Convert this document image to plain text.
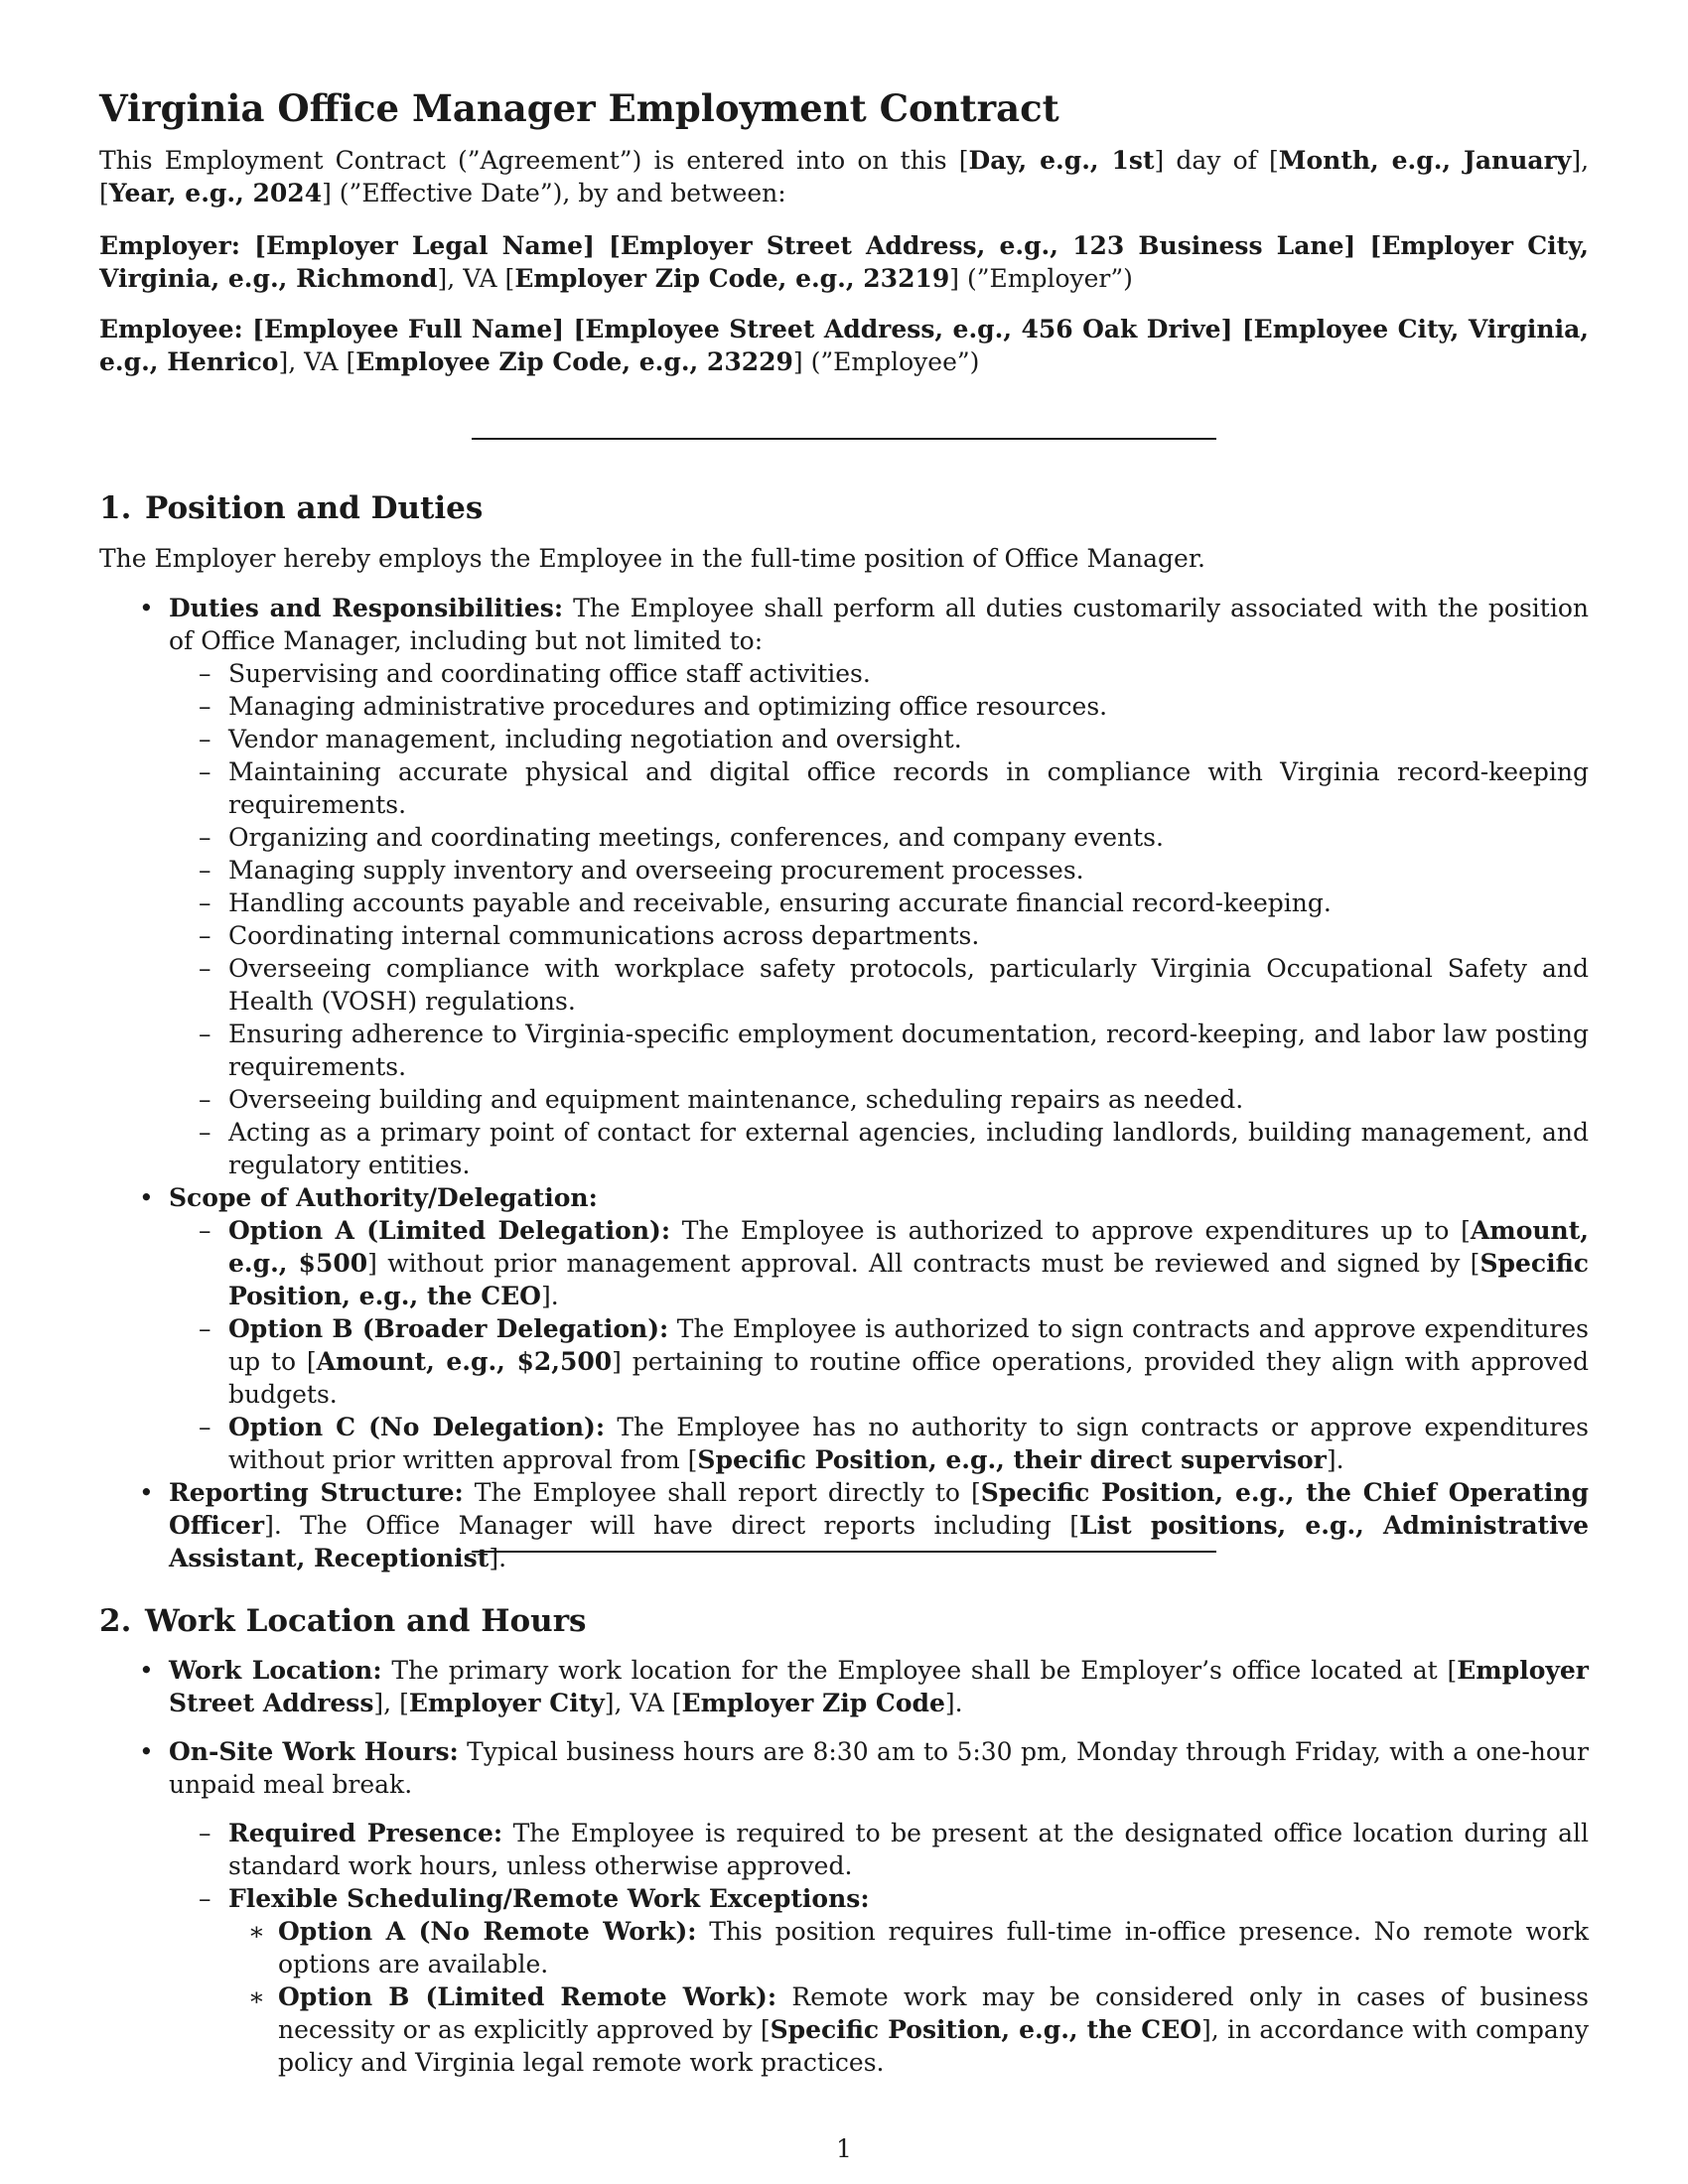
Virginia Office Manager Employment Contract

This Employment Contract (”Agreement”) is entered into on this [Day, e.g., 1st] day of [Month, e.g., January], [Year, e.g., 2024] (”Effective Date”), by and between:

Employer: [Employer Legal Name] [Employer Street Address, e.g., 123 Business Lane] [Employer City, Virginia, e.g., Richmond], VA [Employer Zip Code, e.g., 23219] (”Employer”)

Employee: [Employee Full Name] [Employee Street Address, e.g., 456 Oak Drive] [Employee City, Virginia, e.g., Henrico], VA [Employee Zip Code, e.g., 23229] (”Employee”)

1. Position and Duties

The Employer hereby employs the Employee in the full-time position of Office Manager.

• Duties and Responsibilities: The Employee shall perform all duties customarily associated with the position of Office Manager, including but not limited to:
– Supervising and coordinating office staff activities.
– Managing administrative procedures and optimizing office resources.
– Vendor management, including negotiation and oversight.
– Maintaining accurate physical and digital office records in compliance with Virginia record-keeping requirements.
– Organizing and coordinating meetings, conferences, and company events.
– Managing supply inventory and overseeing procurement processes.
– Handling accounts payable and receivable, ensuring accurate financial record-keeping.
– Coordinating internal communications across departments.
– Overseeing compliance with workplace safety protocols, particularly Virginia Occupational Safety and Health (VOSH) regulations.
– Ensuring adherence to Virginia-specific employment documentation, record-keeping, and labor law posting requirements.
– Overseeing building and equipment maintenance, scheduling repairs as needed.
– Acting as a primary point of contact for external agencies, including landlords, building management, and regulatory entities.
• Scope of Authority/Delegation:
– Option A (Limited Delegation): The Employee is authorized to approve expenditures up to [Amount, e.g., $500] without prior management approval. All contracts must be reviewed and signed by [Specific Position, e.g., the CEO].
– Option B (Broader Delegation): The Employee is authorized to sign contracts and approve expenditures up to [Amount, e.g., $2,500] pertaining to routine office operations, provided they align with approved budgets.
– Option C (No Delegation): The Employee has no authority to sign contracts or approve expenditures without prior written approval from [Specific Position, e.g., their direct supervisor].
• Reporting Structure: The Employee shall report directly to [Specific Position, e.g., the Chief Operating Officer]. The Office Manager will have direct reports including [List positions, e.g., Administrative Assistant, Receptionist].
2. Work Location and Hours
• Work Location: The primary work location for the Employee shall be Employer’s office located at [Employer Street Address], [Employer City], VA [Employer Zip Code].
• On-Site Work Hours: Typical business hours are 8:30 am to 5:30 pm, Monday through Friday, with a one-hour unpaid meal break.
– Required Presence: The Employee is required to be present at the designated office location during all standard work hours, unless otherwise approved.
– Flexible Scheduling/Remote Work Exceptions:
∗ Option A (No Remote Work): This position requires full-time in-office presence. No remote work options are available.
∗ Option B (Limited Remote Work): Remote work may be considered only in cases of business necessity or as explicitly approved by [Specific Position, e.g., the CEO], in accordance with company policy and Virginia legal remote work practices.
1
